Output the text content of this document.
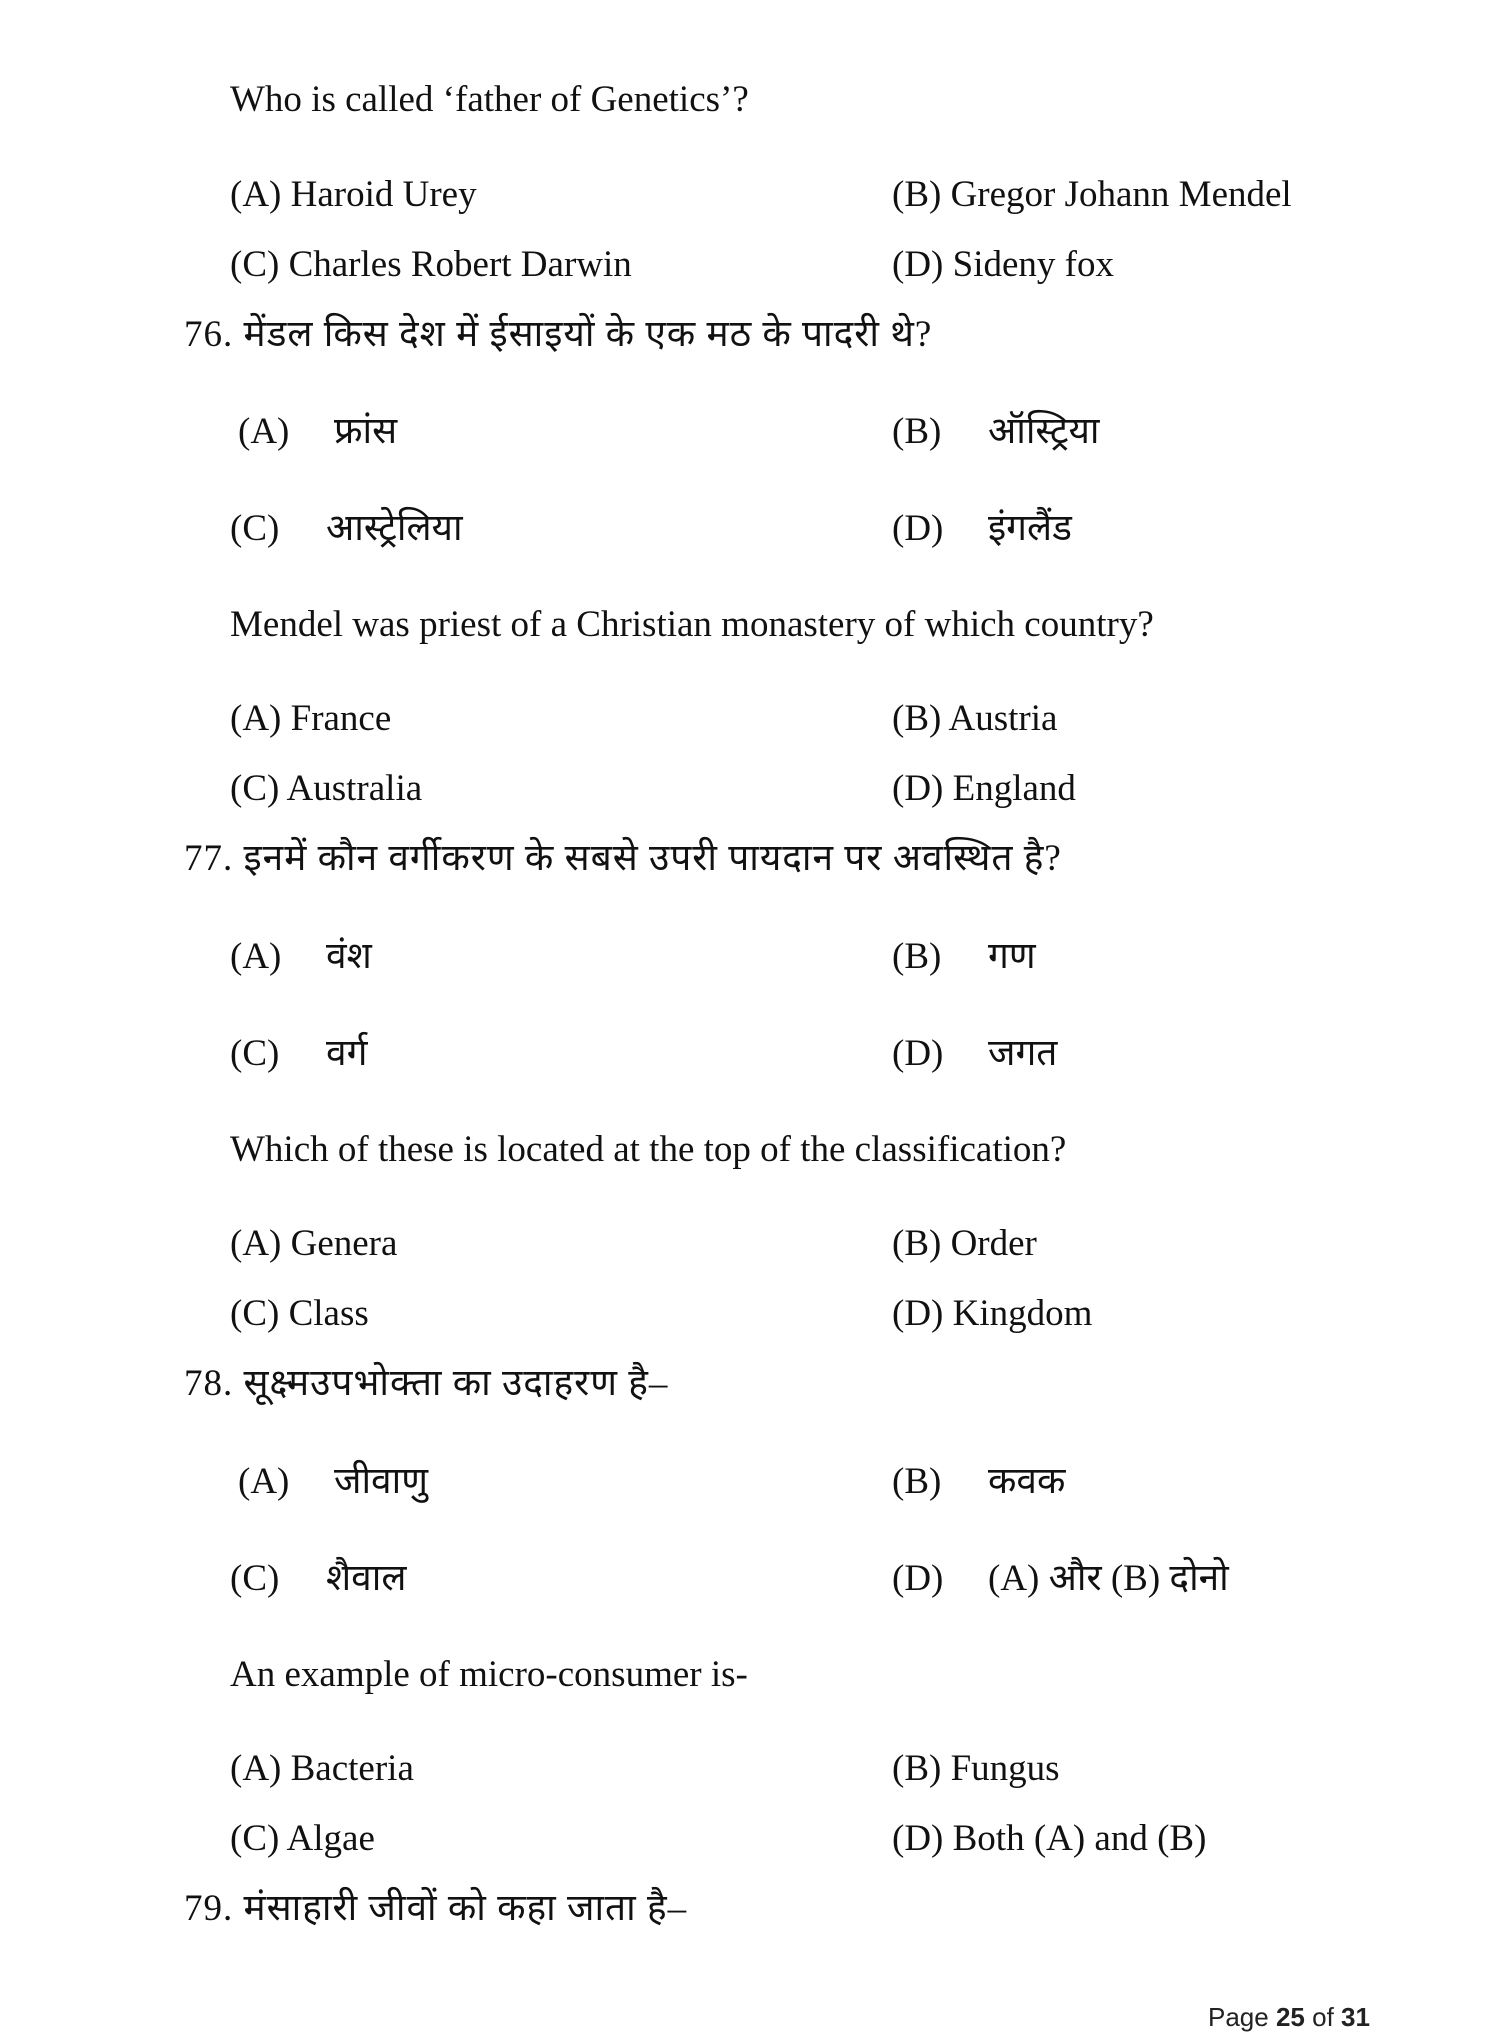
Who is called ‘father of Genetics’?
(A) Haroid Urey	(B) Gregor Johann Mendel
(C) Charles Robert Darwin	(D) Sideny fox
76. मेंडल किस देश में ईसाइयों के एक मठ के पादरी थे?
(A) फ्रांस	(B) ऑस्ट्रिया
(C) आस्ट्रेलिया	(D) इंगलैंड
Mendel was priest of a Christian monastery of which country?
(A) France	(B) Austria
(C) Australia	(D) England
77. इनमें कौन वर्गीकरण के सबसे उपरी पायदान पर अवस्थित है?
(A) वंश	(B) गण
(C) वर्ग	(D) जगत
Which of these is located at the top of the classification?
(A) Genera	(B) Order
(C) Class	(D) Kingdom
78. सूक्ष्मउपभोक्ता का उदाहरण है–
(A) जीवाणु	(B) कवक
(C) शैवाल	(D) (A) और (B) दोनो
An example of micro-consumer is-
(A) Bacteria	(B) Fungus
(C) Algae	(D) Both (A) and (B)
79. मंसाहारी जीवों को कहा जाता है–
Page 25 of 31
